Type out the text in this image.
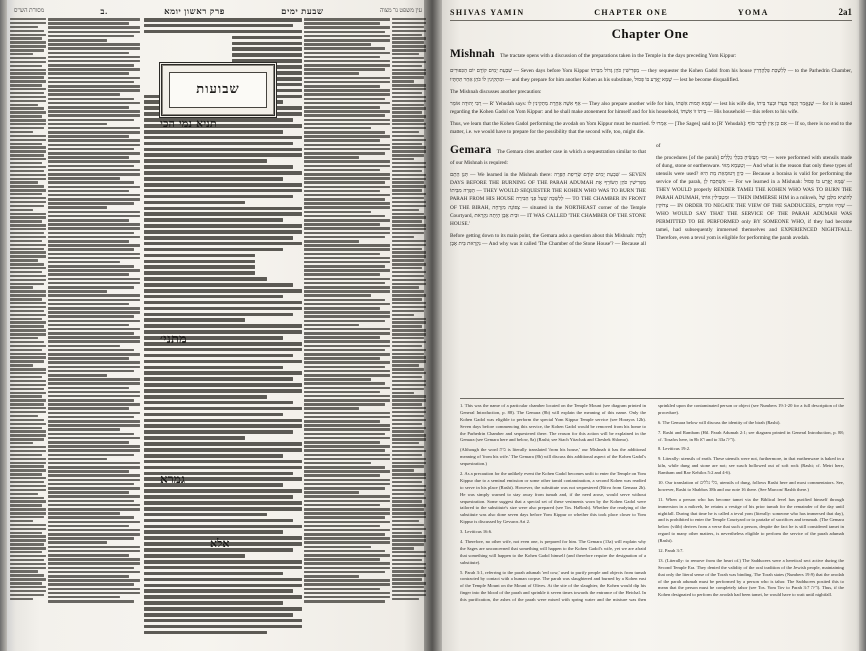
מסורת הש"ס	ב.	פרק ראשון יומא	שבעת ימים	עין משפט נר מצוה
שבועות
תניא נמי הכי
מתני׳
גמרא
אלא
SHIVAS YAMIN	CHAPTER ONE	YOMA	2a1
Chapter One

Mishnah The tractate opens with a discussion of the preparations taken in the Temple in the days preceding Yom Kippur:

שִׁבְעַת יָמִים קוֹדֶם יוֹם הַכִּפּוּרִים — Seven days before Yom Kippur מַפְרִישִׁין כֹּהֵן גָּדוֹל מִבֵּיתוֹ — they sequester the Kohen Gadol from his house לְלִשְׁכַּת פַּלְהֶדְרִין — to the Parhedrin Chamber, וּמַתְקִינִין לוֹ כֹּהֵן אַחֵר תַּחְתָּיו — and they prepare for him another Kohen as his substitute, שֶׁמָּא יֶאֱרַע בּוֹ פְּסוּל — lest he become disqualified.

The Mishnah discusses another precaution:

רַבִּי יְהוּדָה אוֹמֵר — R' Yehudah says: אַף אִשָּׁה אַחֶרֶת מַתְקִינִין לוֹ — They also prepare another wife for him, שֶׁמָּא תָּמוּת אִשְׁתּוֹ — lest his wife die, שֶׁנֶּאֱמַר וְכִפֶּר בַּעֲדוֹ וּבְעַד בֵּיתוֹ — for it is stated regarding the Kohen Gadol on Yom Kippur: and he shall make atonement for himself and for his household, בֵּיתוֹ זוֹ אִשְׁתּוֹ — His household — this refers to his wife.

Thus, we learn that the Kohen Gadol performing the avodah on Yom Kippur must be married. אָמְרוּ לוֹ — [The Sages] said to [R' Yehudah]: אִם כֵּן אֵין לַדָּבָר סוֹף — If so, there is no end to the matter, i.e. we would have to prepare for the possibility that the second wife, too, might die.

Gemara The Gemara cites another case in which a sequestration similar to that of our Mishnah is required:

תְּנַן הָתָם — We learned in the Mishnah there: שִׁבְעַת יָמִים קוֹדֶם שְׂרֵיפַת הַפָּרָה — SEVEN DAYS BEFORE THE BURNING OF THE PARAH ADUMAH מַפְרִישִׁין כֹּהֵן הַשּׂוֹרֵף אֶת הַפָּרָה מִבֵּיתוֹ — THEY WOULD SEQUESTER THE KOHEN WHO WAS TO BURN THE PARAH FROM HIS HOUSE לְלִשְׁכָּה שֶׁעַל פְּנֵי הַבִּירָה — TO THE CHAMBER IN FRONT OF THE BIRAH, צָפוֹנָה מִזְרָחָה — situated in the NORTHEAST corner of the Temple Courtyard, וּבֵית אֶבֶן הָיְתָה נִקְרֵאת — IT WAS CALLED 'THE CHAMBER OF THE STONE HOUSE.'

Before getting down to its main point, the Gemara asks a question about this Mishnah: וְלָמָּה נִקְרֵאת בֵּית אֶבֶן — And why was it called 'The Chamber of the Stone House'? — Because all of

the procedures [of the parah] וְכוּ׳ מַעֲשֵׂיהָ בִּכְלֵי גְלָלִים — were performed with utensils made of dung, stone or earthenware. וְטַעְמָא מַאי — And what is the reason that only these types of utensils were used? כֵּיוָן דְּטוּמְאַת מֵת הִיא — Because a boraisa is valid for performing the service of the parah, אִשְׁתַּכַּח לַן — For we learned in a Mishnah: שֶׁמָּא יֶאֱרַע בּוֹ פְּסוּל — THEY WOULD properly RENDER TAMEI THE KOHEN WHO WAS TO BURN THE PARAH ADUMAH, וּמַטְבִּילִין אוֹתוֹ — THEN IMMERSE HIM in a mikveh, לְהוֹצִיא מִלִּבָּן שֶׁל צְדוֹקִין — IN ORDER TO NEGATE THE VIEW OF THE SADDUCEES, שֶׁהָיוּ אוֹמְרִים — WHO WOULD SAY THAT THE SERVICE OF THE PARAH ADUMAH WAS PERMITTED TO BE PERFORMED only BY SOMEONE WHO, if they had become tamei, had subsequently immersed themselves and EXPERIENCED NIGHTFALL. Therefore, even a tevul yom is eligible for performing the parah avodah.

1. This was the name of a particular chamber located on the Temple Mount (see diagram printed in General Introduction, p. 88). The Gemara (8b) will explain the meaning of this name. Only the Kohen Gadol was eligible to perform the special Yom Kippur Temple service (see Horayos 12b). Seven days before commencing this service, the Kohen Gadol would be removed from his home to the Parhedrin Chamber and sequestered there. The reason for this action will be explained in the Gemara (see Gemara here and below, 8a) (Rashi; see Siach Yitzchak and Cheshek Shlomo).

(Although the word בית is literally translated 'from his house,' our Mishnah it has the additional meaning of 'from his wife.' The Gemara (8b) will discuss this additional aspect of the Kohen Gadol's sequestration.)

2. As a precaution for the unlikely event the Kohen Gadol becomes unfit to enter the Temple on Yom Kippur due to a seminal emission or some other tamid contamination, a second Kohen was readied to serve in his place (Rashi). However, the substitute was not sequestered (Ritva from Gemara 2b). He was simply warned to stay away from tumah and, if the need arose, would serve without sequestration. Some suggest that a special set of these vestments worn by the Kohen Gadol were tailored to the substitute's size were also prepared (see Tos. HaRosh). Whether the readying of the substitute was also done seven days before Yom Kippur or whether this took place closer to Yom Kippur is discussed by Gevuros Ari 2.

3. Leviticus 16:6.

4. Therefore, no other wife, not even one, is prepared for him. The Gemara (13a) will explain why the Sages are unconcerned that something will happen to the Kohen Gadol's wife, yet we are afraid that something will happen to the Kohen Gadol himself (and therefore require the designation of a substitute).

5. Parah 3:1, referring to the parah adumah 'red cow,' used to purify people and objects from tumah contracted by contact with a human corpse. The parah was slaughtered and burned by a Kohen east of the Temple Mount on the Mount of Olives. At the site of the slaughter, the Kohen would dip his finger into the blood of the parah and sprinkle it seven times towards the entrance of the Heichal. In this purification, the ashes of the parah were mixed with spring water and the mixture was then sprinkled upon the contaminated person or object (see Numbers 19:1-20 for a full description of the procedure).

6. The Gemara below will discuss the identity of the birah (Rashi).

7. Rashi and Rambam (Hil. Parah Adumah 2:1; see diagram printed in General Introduction, p. 88; cf. Tosafos here, in 8b רא and to 33a ד״ה).

8. Leviticus 19:2.

9. Literally: utensils of earth. These utensils were not, furthermore, in that earthenware is baked in a kiln, while dung and stone are not; see susch hollowed out of soft rock (Rashi; cf. Meiri here, Rambam and Rav Kehilos 5:2 and 4-6).

10. Our translation of כלי גללים, utensils of dung, follows Rashi here and most commentators. See, however, Rashi to Shabbos 38b and our note 16 there. (See Marcon/ Rashb there.)

11. When a person who has become tamei via the Biblical level has purified himself through immersion in a mikveh, he retains a vestige of his prior tumah for the remainder of the day until nightfall. During that time he is called a tevul yom (literally: someone who has immersed that day), and is prohibited to enter the Temple Courtyard or to partake of sacrifices and terumah. (The Gemara below (vilib) derives from a verse that such a person, despite the fact he is still considered tamei in regard to many other matters, is nevertheless eligible to perform the service of the parah adumah (Rashi).

12. Parah 3:7.

13. (Literally: to remove from the heart of.) The Sadducees were a heretical sect active during the Second Temple Era. They denied the validity of the oral tradition of the Jewish people, maintaining that only the literal sense of the Torah was binding. The Torah states (Numbers 19:9) that the avodah of the parah adumah must be performed by a person who is tahor. The Sadducees posited this to mean that the person must be completely tahor (see Tos. Yom Tov to Parah 3:7 ד״ה). Thus, if the Kohen designated to perform the avodah had been tamei, he would have to wait until nightfall.
